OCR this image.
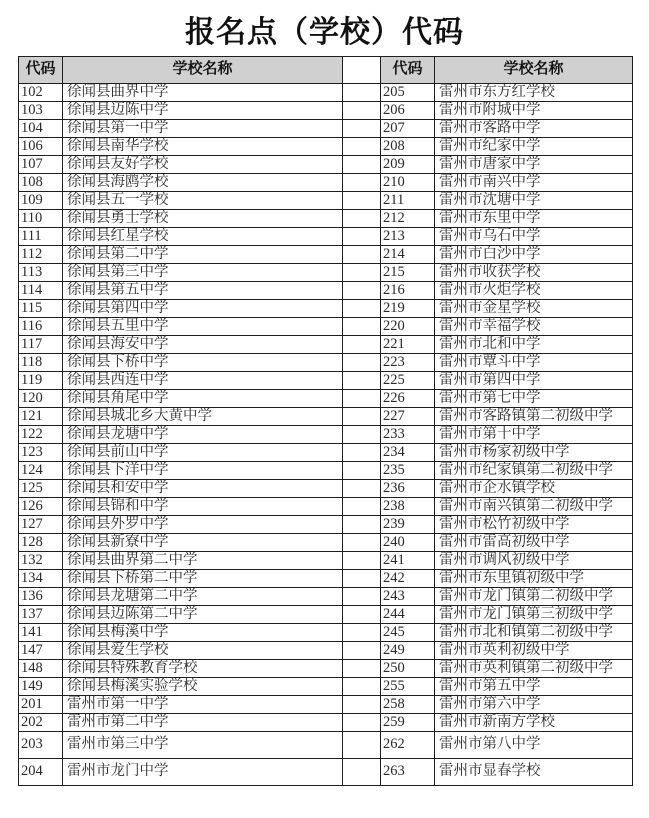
报名点（学校）代码
代码	学校名称		代码	学校名称
102	徐闻县曲界中学		205	雷州市东方红学校
103	徐闻县迈陈中学		206	雷州市附城中学
104	徐闻县第一中学		207	雷州市客路中学
106	徐闻县南华学校		208	雷州市纪家中学
107	徐闻县友好学校		209	雷州市唐家中学
108	徐闻县海鸥学校		210	雷州市南兴中学
109	徐闻县五一学校		211	雷州市沈塘中学
110	徐闻县勇士学校		212	雷州市东里中学
111	徐闻县红星学校		213	雷州市乌石中学
112	徐闻县第二中学		214	雷州市白沙中学
113	徐闻县第三中学		215	雷州市收获学校
114	徐闻县第五中学		216	雷州市火炬学校
115	徐闻县第四中学		219	雷州市金星学校
116	徐闻县五里中学		220	雷州市幸福学校
117	徐闻县海安中学		221	雷州市北和中学
118	徐闻县下桥中学		223	雷州市覃斗中学
119	徐闻县西连中学		225	雷州市第四中学
120	徐闻县角尾中学		226	雷州市第七中学
121	徐闻县城北乡大黄中学		227	雷州市客路镇第二初级中学
122	徐闻县龙塘中学		233	雷州市第十中学
123	徐闻县前山中学		234	雷州市杨家初级中学
124	徐闻县下洋中学		235	雷州市纪家镇第二初级中学
125	徐闻县和安中学		236	雷州市企水镇学校
126	徐闻县锦和中学		238	雷州市南兴镇第二初级中学
127	徐闻县外罗中学		239	雷州市松竹初级中学
128	徐闻县新寮中学		240	雷州市雷高初级中学
132	徐闻县曲界第二中学		241	雷州市调风初级中学
134	徐闻县下桥第二中学		242	雷州市东里镇初级中学
136	徐闻县龙塘第二中学		243	雷州市龙门镇第二初级中学
137	徐闻县迈陈第二中学		244	雷州市龙门镇第三初级中学
141	徐闻县梅溪中学		245	雷州市北和镇第二初级中学
147	徐闻县爱生学校		249	雷州市英利初级中学
148	徐闻县特殊教育学校		250	雷州市英利镇第二初级中学
149	徐闻县梅溪实验学校		255	雷州市第五中学
201	雷州市第一中学		258	雷州市第六中学
202	雷州市第二中学		259	雷州市新南方学校
203	雷州市第三中学		262	雷州市第八中学
204	雷州市龙门中学		263	雷州市显春学校
